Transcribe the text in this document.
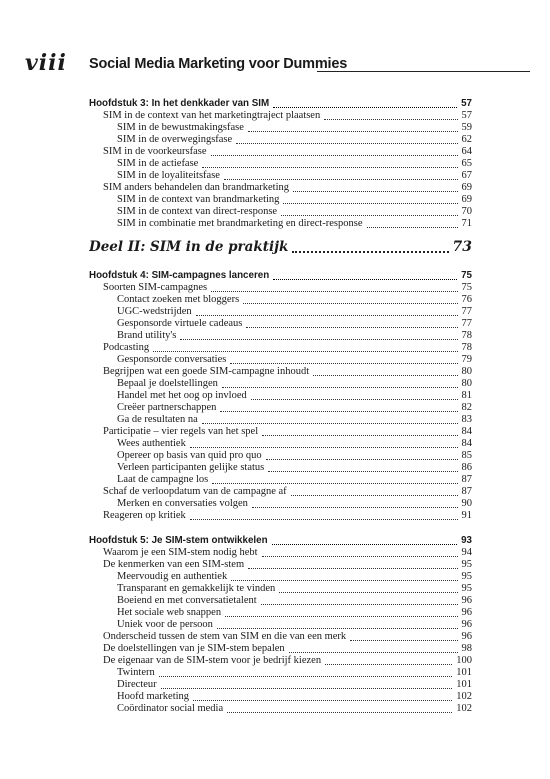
viii Social Media Marketing voor Dummies
Hoofdstuk 3: In het denkkader van SIM	57
SIM in de context van het marketingtraject plaatsen	57
SIM in de bewustmakingsfase	59
SIM in de overwegingsfase	62
SIM in de voorkeursfase	64
SIM in de actiefase	65
SIM in de loyaliteitsfase	67
SIM anders behandelen dan brandmarketing	69
SIM in de context van brandmarketing	69
SIM in de context van direct-response	70
SIM in combinatie met brandmarketing en direct-response	71
Deel II: SIM in de praktijk	73
Hoofdstuk 4: SIM-campagnes lanceren	75
Soorten SIM-campagnes	75
Contact zoeken met bloggers	76
UGC-wedstrijden	77
Gesponsorde virtuele cadeaus	77
Brand utility's	78
Podcasting	78
Gesponsorde conversaties	79
Begrijpen wat een goede SIM-campagne inhoudt	80
Bepaal je doelstellingen	80
Handel met het oog op invloed	81
Creëer partnerschappen	82
Ga de resultaten na	83
Participatie – vier regels van het spel	84
Wees authentiek	84
Opereer op basis van quid pro quo	85
Verleen participanten gelijke status	86
Laat de campagne los	87
Schaf de verloopdatum van de campagne af	87
Merken en conversaties volgen	90
Reageren op kritiek	91
Hoofdstuk 5: Je SIM-stem ontwikkelen	93
Waarom je een SIM-stem nodig hebt	94
De kenmerken van een SIM-stem	95
Meervoudig en authentiek	95
Transparant en gemakkelijk te vinden	95
Boeiend en met conversatietalent	96
Het sociale web snappen	96
Uniek voor de persoon	96
Onderscheid tussen de stem van SIM en die van een merk	96
De doelstellingen van je SIM-stem bepalen	98
De eigenaar van de SIM-stem voor je bedrijf kiezen	100
Twintern	101
Directeur	101
Hoofd marketing	102
Coördinator social media	102
